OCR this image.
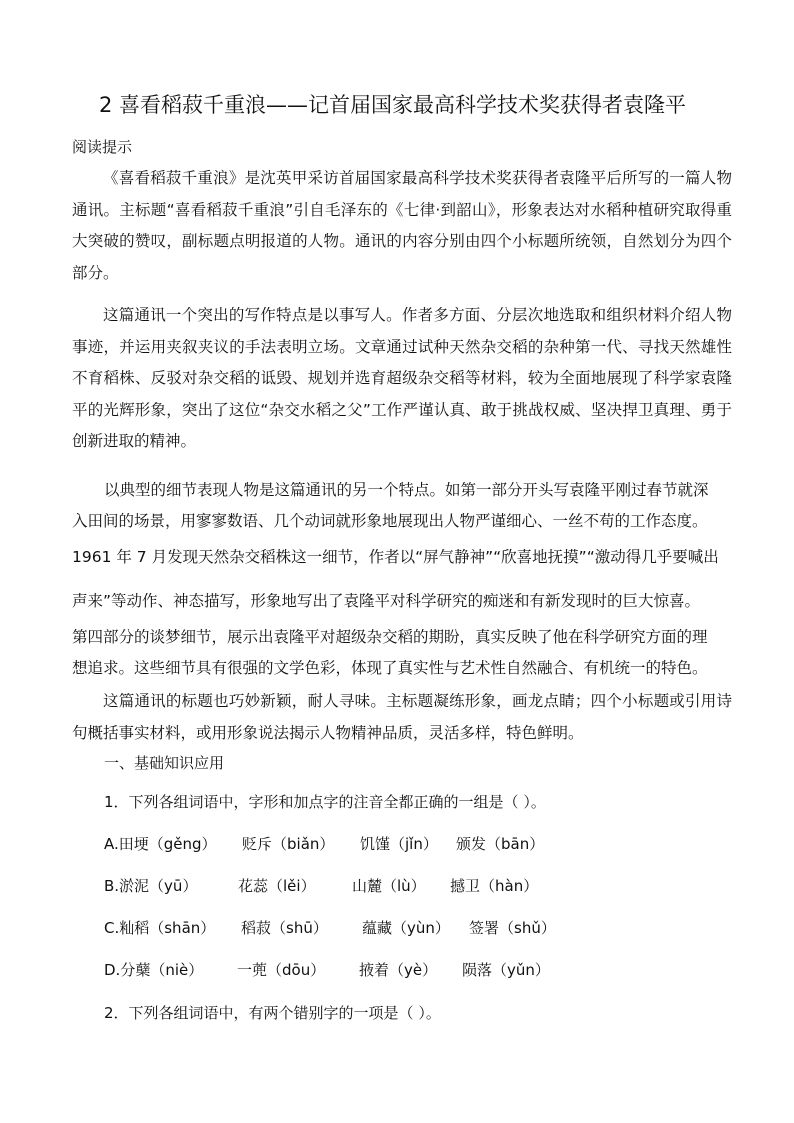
2 喜看稻菽千重浪——记首届国家最高科学技术奖获得者袁隆平
阅读提示
《喜看稻菽千重浪》是沈英甲采访首届国家最高科学技术奖获得者袁隆平后所写的一篇人物通讯。主标题“喜看稻菽千重浪”引自毛泽东的《七律·到韶山》，形象表达对水稻种植研究取得重大突破的赞叹，副标题点明报道的人物。通讯的内容分别由四个小标题所统领，自然划分为四个部分。
这篇通讯一个突出的写作特点是以事写人。作者多方面、分层次地选取和组织材料介绍人物事迹，并运用夹叙夹议的手法表明立场。文章通过试种天然杂交稻的杂种第一代、寻找天然雄性不育稻株、反驳对杂交稻的诋毁、规划并选育超级杂交稻等材料，较为全面地展现了科学家袁隆平的光辉形象，突出了这位“杂交水稻之父”工作严谨认真、敢于挑战权威、坚决捍卫真理、勇于创新进取的精神。
以典型的细节表现人物是这篇通讯的另一个特点。如第一部分开头写袁隆平刚过春节就深
入田间的场景，用寥寥数语、几个动词就形象地展现出人物严谨细心、一丝不苟的工作态度。
1961 年 7 月发现天然杂交稻株这一细节，作者以“屏气静神”“欣喜地抚摸”“激动得几乎要喊出
声来”等动作、神态描写，形象地写出了袁隆平对科学研究的痴迷和有新发现时的巨大惊喜。
第四部分的谈梦细节，展示出袁隆平对超级杂交稻的期盼，真实反映了他在科学研究方面的理
想追求。这些细节具有很强的文学色彩，体现了真实性与艺术性自然融合、有机统一的特色。
这篇通讯的标题也巧妙新颖，耐人寻味。主标题凝练形象，画龙点睛；四个小标题或引用诗句概括事实材料，或用形象说法揭示人物精神品质，灵活多样，特色鲜明。
一、基础知识应用
1．下列各组词语中，字形和加点字的注音全都正确的一组是（ ）。
A.田埂（gěng） 贬斥（biǎn） 饥馑（jǐn） 颁发（bān）
B.淤泥（yū）	花蕊（lěi） 山麓（lù） 撼卫（hàn）
C.籼稻（shān） 稻菽（shū） 蕴藏（yùn） 签署（shǔ）
D.分蘖（niè） 一蔸（dōu） 掖着（yè） 陨落（yǔn）
2．下列各组词语中，有两个错别字的一项是（ ）。
